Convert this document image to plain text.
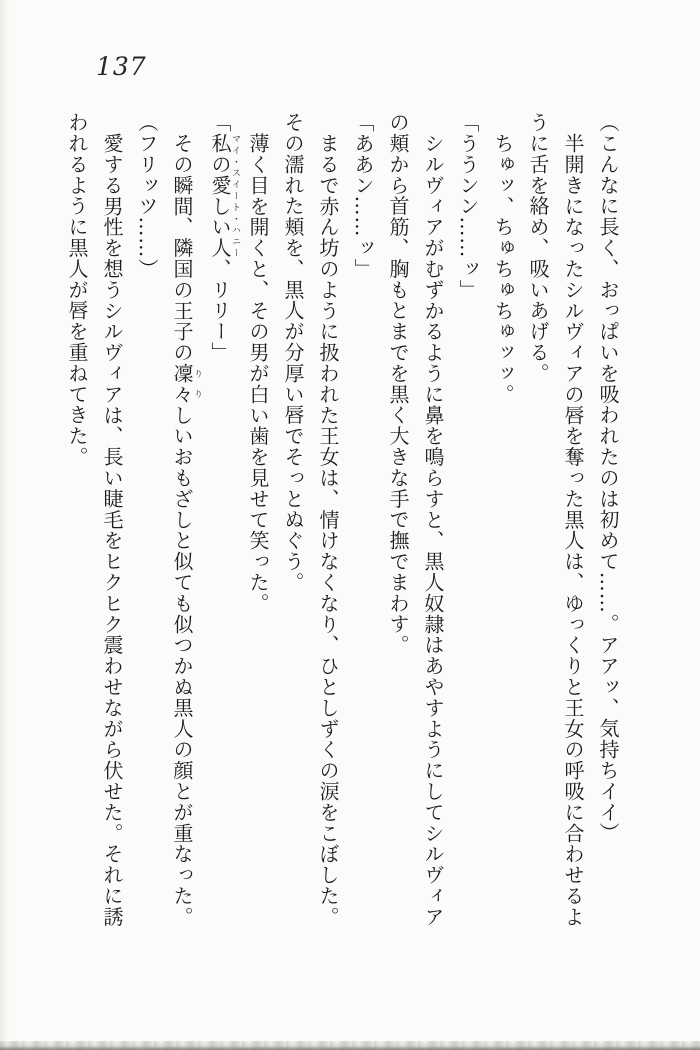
137

（こんなに長く、おっぱいを吸われたのは初めて……。アアッ、気持ちイイ）

半開きになったシルヴィアの唇を奪った黒人は、ゆっくりと王女の呼吸に合わせるように舌を絡め、吸いあげる。

ちゅッ、ちゅちゅちゅッッ。

「ううンン……ッ」

シルヴィアがむずかるように鼻を鳴らすと、黒人奴隷はあやすようにしてシルヴィアの頬から首筋、胸もとまでを黒く大きな手で撫でまわす。

「ああン……ッ」

まるで赤ん坊のように扱われた王女は、情けなくなり、ひとしずくの涙をこぼした。その濡れた頬を、黒人が分厚い唇でそっとぬぐう。

薄く目を開くと、その男が白い歯を見せて笑った。

「私の愛しい人マイ・スイート・ハニー、リリー」

その瞬間、隣国の王子の凜々りりしいおもざしと似ても似つかぬ黒人の顔とが重なった。

（フリッツ……）

愛する男性を想うシルヴィアは、長い睫毛をヒクヒク震わせながら伏せた。それに誘われるように黒人が唇を重ねてきた。
